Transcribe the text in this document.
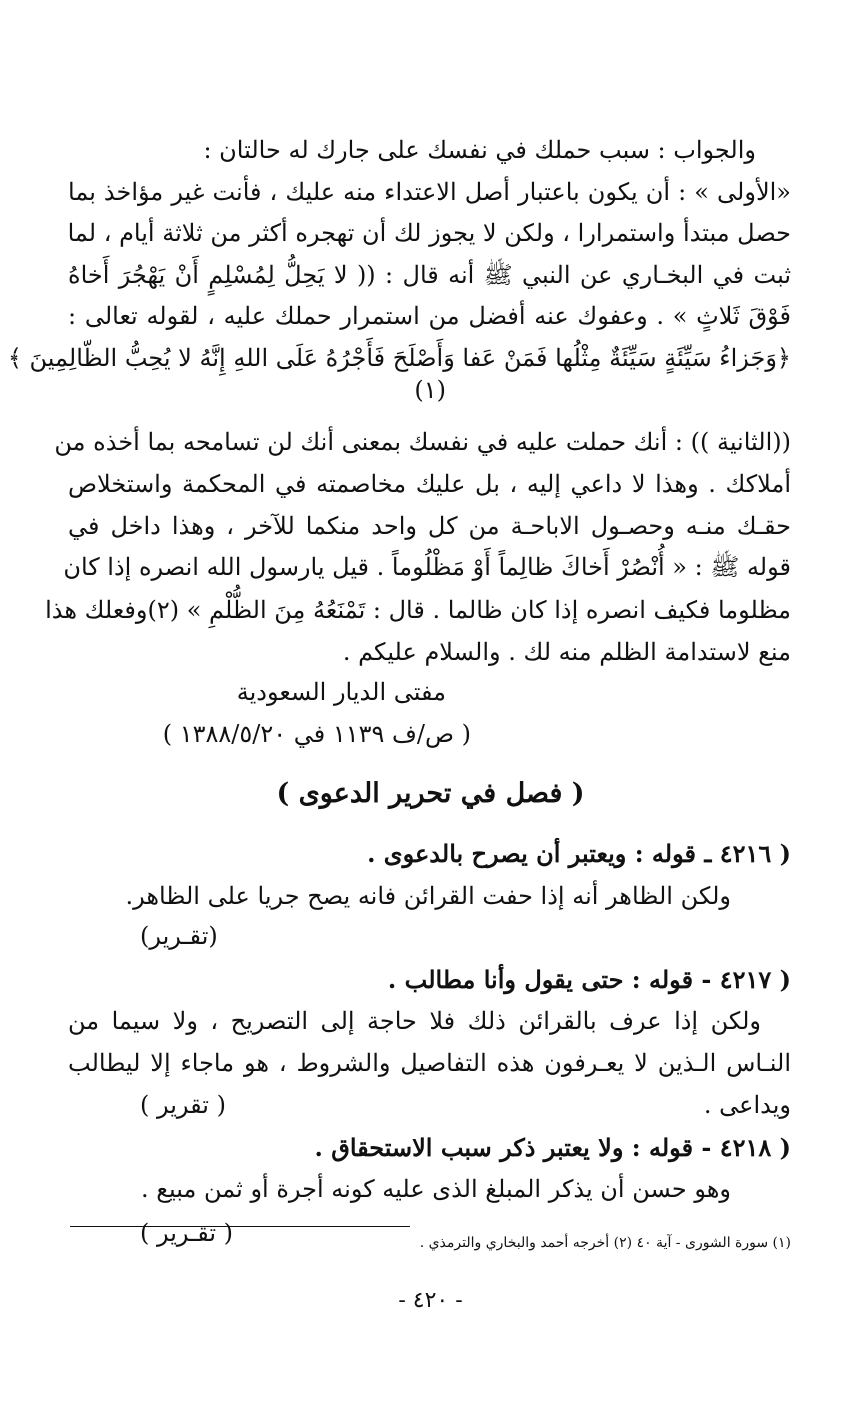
والجواب : سبب حملك في نفسك على جارك له حالتان :
«الأولى » : أن يكون باعتبار أصل الاعتداء منه عليك ، فأنت غير مؤاخذ بما
حصل مبتدأ واستمرارا ، ولكن لا يجوز لك أن تهجره أكثر من ثلاثة أيام ، لما
ثبت في البخـاري عن النبي ﷺ أنه قال : (( لا يَحِلُّ لِمُسْلِمٍ أَنْ يَهْجُرَ أَخاهُ
فَوْقَ ثَلاثٍ » . وعفوك عنه أفضل من استمرار حملك عليه ، لقوله تعالى :
﴿وَجَزاءُ سَيِّئَةٍ سَيِّئَةٌ مِثْلُها فَمَنْ عَفا وَأَصْلَحَ فَأَجْرُهُ عَلَى اللهِ إِنَّهُ لا يُحِبُّ الظّالِمِينَ ﴾
(١)
((الثانية )) : أنك حملت عليه في نفسك بمعنى أنك لن تسامحه بما أخذه من
أملاكك . وهذا لا داعي إليه ، بل عليك مخاصمته في المحكمة واستخلاص
حقـك منـه وحصـول الاباحـة من كل واحد منكما للآخر ، وهذا داخل في
قوله ﷺ : « أُنْصُرْ أَخاكَ ظالِماً أَوْ مَظْلُوماً . قيل يارسول الله انصره إذا كان
مظلوما فكيف انصره إذا كان ظالما . قال : تَمْنَعُهُ مِنَ الظُّلْمِ » (٢)وفعلك هذا
منع لاستدامة الظلم منه لك . والسلام عليكم .
مفتى الديار السعودية
( ص/ف ١١٣٩ في ١٣٨٨/٥/٢٠ )
( فصل في تحرير الدعوى )
( ٤٢١٦ ـ قوله : ويعتبر أن يصرح بالدعوى .
ولكن الظاهر أنه إذا حفت القرائن فانه يصح جريا على الظاهر.
(تقـرير)
( ٤٢١٧ - قوله : حتى يقول وأنا مطالب .
ولكن إذا عرف بالقرائن ذلك فلا حاجة إلى التصريح ، ولا سيما من
النـاس الـذين لا يعـرفون هذه التفاصيل والشروط ، هو ماجاء إلا ليطالب
ويداعى .
( تقرير )
( ٤٢١٨ - قوله : ولا يعتبر ذكر سبب الاستحقاق .
وهو حسن أن يذكر المبلغ الذى عليه كونه أجرة أو ثمن مبيع .
( تقـرير )	(١) سورة الشورى - آية ٤٠ (٢) أخرجه أحمد والبخاري والترمذي .
- ٤٢٠ -
